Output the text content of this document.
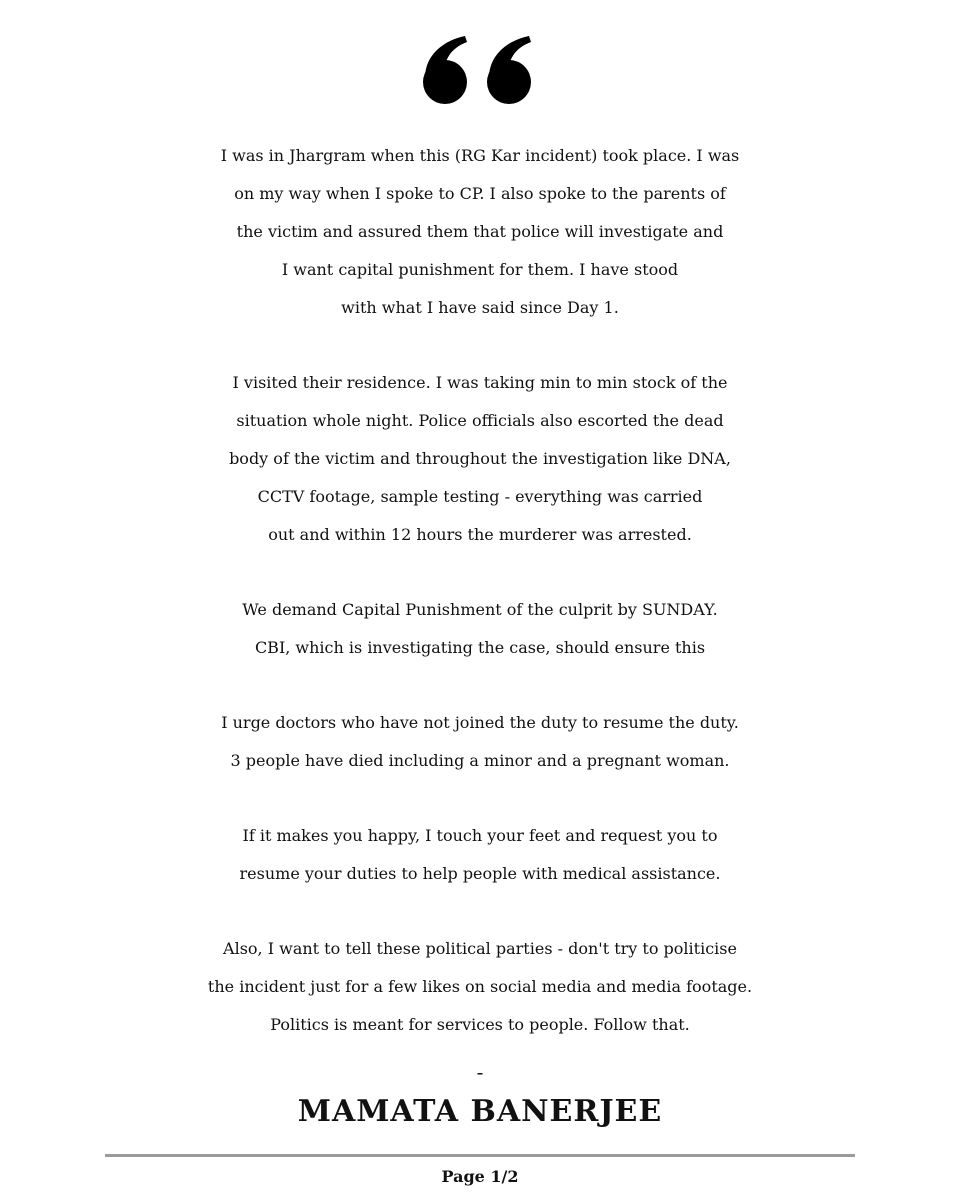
I was in Jhargram when this (RG Kar incident) took place. I was
on my way when I spoke to CP. I also spoke to the parents of
the victim and assured them that police will investigate and
I want capital punishment for them. I have stood
with what I have said since Day 1.
I visited their residence. I was taking min to min stock of the
situation whole night. Police officials also escorted the dead
body of the victim and throughout the investigation like DNA,
CCTV footage, sample testing - everything was carried
out and within 12 hours the murderer was arrested.
We demand Capital Punishment of the culprit by SUNDAY.
CBI, which is investigating the case, should ensure this
I urge doctors who have not joined the duty to resume the duty.
3 people have died including a minor and a pregnant woman.
If it makes you happy, I touch your feet and request you to
resume your duties to help people with medical assistance.
Also, I want to tell these political parties - don't try to politicise
the incident just for a few likes on social media and media footage.
Politics is meant for services to people. Follow that.
-
MAMATA BANERJEE
Page 1/2
